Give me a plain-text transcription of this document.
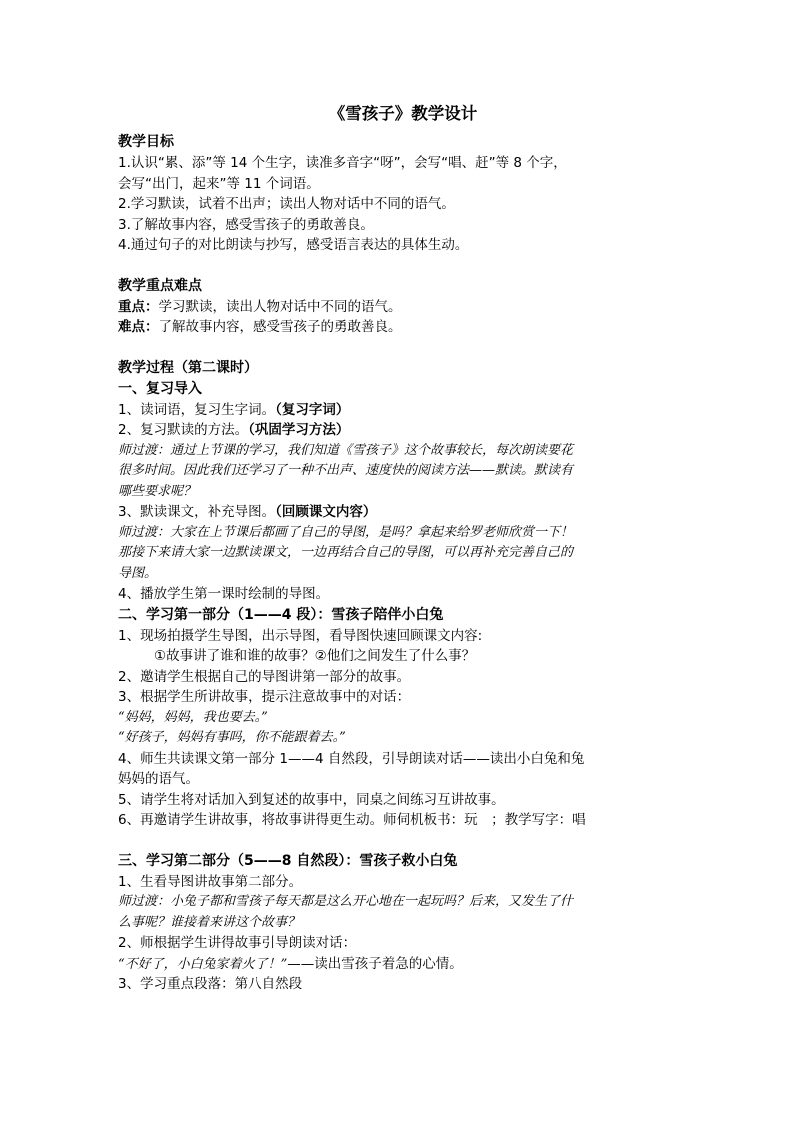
《雪孩子》教学设计
教学目标
1.认识“累、添”等 14 个生字，读准多音字“呀”，会写“唱、赶”等 8 个字，
会写“出门，起来”等 11 个词语。
2.学习默读，试着不出声；读出人物对话中不同的语气。
3.了解故事内容，感受雪孩子的勇敢善良。
4.通过句子的对比朗读与抄写，感受语言表达的具体生动。
教学重点难点
重点：学习默读，读出人物对话中不同的语气。
难点：了解故事内容，感受雪孩子的勇敢善良。
教学过程（第二课时）
一、复习导入
1、读词语，复习生字词。（复习字词）
2、复习默读的方法。（巩固学习方法）
师过渡：通过上节课的学习，我们知道《雪孩子》这个故事较长，每次朗读要花
很多时间。因此我们还学习了一种不出声、速度快的阅读方法——默读。默读有
哪些要求呢？
3、默读课文，补充导图。（回顾课文内容）
师过渡：大家在上节课后都画了自己的导图，是吗？拿起来给罗老师欣赏一下！
那接下来请大家一边默读课文，一边再结合自己的导图，可以再补充完善自己的
导图。
4、播放学生第一课时绘制的导图。
二、学习第一部分（1——4 段）：雪孩子陪伴小白兔
1、现场拍摄学生导图，出示导图，看导图快速回顾课文内容:
①故事讲了谁和谁的故事？②他们之间发生了什么事？
2、邀请学生根据自己的导图讲第一部分的故事。
3、根据学生所讲故事，提示注意故事中的对话：
“妈妈，妈妈，我也要去。”
“好孩子，妈妈有事吗，你不能跟着去。”
4、师生共读课文第一部分 1——4 自然段，引导朗读对话——读出小白兔和兔
妈妈的语气。
5、请学生将对话加入到复述的故事中，同桌之间练习互讲故事。
6、再邀请学生讲故事，将故事讲得更生动。师伺机板书：玩　；教学写字：唱
三、学习第二部分（5——8 自然段）：雪孩子救小白兔
1、生看导图讲故事第二部分。
师过渡：小兔子都和雪孩子每天都是这么开心地在一起玩吗？后来，又发生了什
么事呢？谁接着来讲这个故事？
2、师根据学生讲得故事引导朗读对话：
“不好了，小白兔家着火了！”——读出雪孩子着急的心情。
3、学习重点段落：第八自然段
